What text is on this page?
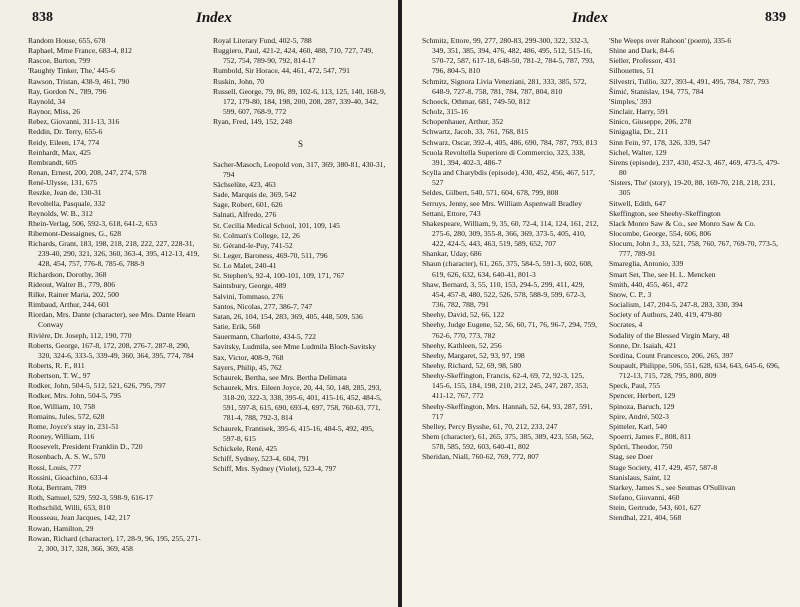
838	Index
Random House, 655, 678
Raphael, Mme France, 683-4, 812
Rascoe, Burton, 799
'Raughty Tinker, The,' 445-6
Rawson, Tristan, 438-9, 461, 790
Ray, Gordon N., 789, 796
Raynold, 34
Raynor, Miss, 26
Rebez, Giovanni, 311-13, 316
Reddin, Dr. Terry, 655-6
Reidy, Eileen, 174, 774
Reinhardt, Max, 425
Rembrandt, 605
Renan, Ernest, 200, 208, 247, 274, 578
René-Ulysse, 131, 675
Reszke, Jean de, 130-31
Revoltella, Pasquale, 332
Reynolds, W. B., 312
Rhein-Verlag, 506, 592-3, 618, 641-2, 653
Ribemont-Dessaignes, G., 628
Richards, Grant, 183, 198, 218, 218, 222, 227, 228-31, 239-40, 290, 321, 326, 360, 363-4, 395, 412-13, 419, 428, 454, 757, 776-8, 785-6, 788-9
Richardson, Dorothy, 368
Rideout, Walter B., 779, 806
Rilke, Rainer Maria, 202, 500
Rimbaud, Arthur, 244, 601
Riordan, Mrs. Dante (character), see Mrs. Dante Hearn Conway
Rivière, Dr. Joseph, 112, 190, 770
Roberts, George, 167-8, 172, 208, 276-7, 287-8, 290, 320, 324-6, 333-5, 339-49, 360, 364, 395, 774, 784
Roberts, R. F., 811
Robertson, T. W., 97
Rodker, John, 504-5, 512, 521, 626, 795, 797
Rodker, Mrs. John, 504-5, 795
Roe, William, 10, 758
Romains, Jules, 572, 628
Rome, Joyce's stay in, 231-51
Rooney, William, 116
Roosevelt, President Franklin D., 720
Rosenbach, A. S. W., 570
Rossi, Louis, 777
Rossini, Gioachino, 633-4
Rota, Bertram, 789
Roth, Samuel, 529, 592-3, 598-9, 616-17
Rothschild, Willi, 653, 810
Rousseau, Jean Jacques, 142, 217
Rowan, Hamilton, 29
Rowan, Richard (character), 17, 28-9, 96, 195, 255, 271-2, 300, 317, 328, 366, 369, 458
Royal Literary Fund, 402-5, 788
Ruggiero, Paul, 421-2, 424, 460, 488, 710, 727, 749, 752, 754, 789-90, 792, 814-17
Rumbold, Sir Horace, 44, 461, 472, 547, 791
Ruskin, John, 70
Russell, George, 79, 86, 89, 102-6, 113, 125, 140, 168-9, 172, 179-80, 184, 198, 200, 208, 287, 339-40, 342, 599, 607, 768-9, 772
Ryan, Fred, 149, 152, 248
S
Sacher-Masoch, Leopold von, 317, 369, 380-81, 430-31, 794
Sächselüte, 423, 463
Sade, Marquis de, 369, 542
Sage, Robert, 601, 626
Salnati, Alfredo, 276
St. Cecilia Medical School, 101, 109, 145
St. Colman's College, 12, 26
St. Gérand-le-Puy, 741-52
St. Leger, Baroness, 469-70, 511, 796
St. Lo Malet, 240-41
St. Stephen's, 92-4, 100-101, 109, 171, 767
Saintsbury, George, 489
Salvini, Tommaso, 276
Santos, Nicolas, 277, 386-7, 747
Satan, 26, 104, 154, 283, 369, 405, 448, 509, 536
Satie, Erik, 568
Sauermann, Charlotte, 434-5, 722
Savitsky, Ludmila, see Mme Ludmila Bloch-Savitsky
Sax, Victor, 408-9, 768
Sayers, Philip, 45, 762
Schaurek, Bertha, see Mrs. Bertha Delimata
Schaurek, Mrs. Eileen Joyce, 20, 44, 50, 148, 285, 293, 318-20, 322-3, 338, 395-6, 401, 415-16, 452, 484-5, 591, 597-8, 615, 690, 693-4, 697, 758, 760-63, 771, 781-4, 788, 792-3, 814
Schaurek, Frantisek, 395-6, 415-16, 484-5, 492, 495, 597-8, 615
Schickele, René, 425
Schiff, Sydney, 523-4, 604, 791
Schiff, Mrs. Sydney (Violet), 523-4, 797
Index	839
Schmitz, Ettore, 99, 277, 280-83, 299-300, 322, 332-3, 349, 351, 385, 394, 476, 482, 486, 495, 512, 515-16, 570-72, 587, 617-18, 648-50, 781-2, 784-5, 787, 793, 796, 804-5, 810
Schmitz, Signora Livia Veneziani, 281, 333, 385, 572, 648-9, 727-8, 758, 781, 784, 787, 804, 810
Schoeck, Othmar, 681, 749-50, 812
Scholz, 315-16
Schopenhauer, Arthur, 352
Schwartz, Jacob, 33, 761, 768, 815
Schwarz, Oscar, 392-4, 405, 486, 690, 784, 787, 793, 813
Scuola Revoltella Superiore di Commercio, 323, 338, 391, 394, 402-3, 486-7
Scylla and Charybdis (episode), 430, 452, 456, 467, 517, 527
Seldes, Gilbert, 540, 571, 604, 678, 799, 808
Serruys, Jenny, see Mrs. William Aspenwall Bradley
Settani, Ettore, 743
Shakespeare, William, 9, 35, 60, 72-4, 114, 124, 161, 212, 275-6, 280, 309, 355-8, 366, 369, 373-5, 405, 410, 422, 424-5, 443, 463, 519, 589, 652, 707
Shankar, Uday, 686
Shaun (character), 61, 265, 375, 584-5, 591-3, 602, 608, 619, 626, 632, 634, 640-41, 801-3
Shaw, Bernard, 3, 55, 110, 153, 294-5, 299, 411, 429, 454, 457-8, 480, 522, 526, 578, 588-9, 599, 672-3, 736, 782, 788, 791
Sheehy, David, 52, 66, 122
Sheehy, Judge Eugene, 52, 56, 60, 71, 76, 96-7, 294, 759, 762-6, 770, 773, 782
Sheehy, Kathleen, 52, 256
Sheehy, Margaret, 52, 93, 97, 198
Sheehy, Richard, 52, 69, 98, 580
Sheehy-Skeffington, Francis, 62-4, 69, 72, 92-3, 125, 145-6, 155, 184, 198, 210, 212, 245, 247, 287, 353, 411-12, 767, 772
Sheehy-Skeffington, Mrs. Hannah, 52, 64, 93, 287, 591, 717
Shelley, Percy Bysshe, 61, 70, 212, 233, 247
Shem (character), 61, 265, 375, 385, 389, 423, 558, 562, 578, 585, 592, 603, 640-41, 802
Sheridan, Niall, 760-62, 769, 772, 807
'She Weeps over Rahoon' (poem), 335-6
Shine and Dark, 84-6
Sieller, Professor, 431
Silhouettes, 51
Silvestri, Tullio, 327, 393-4, 491, 495, 784, 787, 793
Šimić, Stanislav, 194, 775, 784
'Simples,' 393
Sinclair, Harry, 591
Sinico, Giuseppe, 206, 278
Sinigaglia, Dr., 211
Sinn Fein, 97, 178, 326, 339, 547
Sichel, Walter, 129
Sirens (episode), 237, 430, 452-3, 467, 469, 473-5, 479-80
'Sisters, The' (story), 19-20, 88, 169-70, 218, 218, 231, 305
Sitwell, Edith, 647
Skeffington, see Sheehy-Skeffington
Slack Monro Saw & Co., see Monro Saw & Co.
Slocombe, George, 554, 606, 806
Slocum, John J., 33, 521, 758, 760, 767, 769-70, 773-5, 777, 789-91
Smareglia, Antonio, 339
Smart Set, The, see H. L. Mencken
Smith, 440, 455, 461, 472
Snow, C. P., 3
Socialism, 147, 204-5, 247-8, 283, 330, 394
Society of Authors, 240, 419, 479-80
Socrates, 4
Sodality of the Blessed Virgin Mary, 48
Sonne, Dr. Isaiah, 421
Sordina, Count Francesco, 206, 265, 397
Soupault, Philippe, 506, 551, 628, 634, 643, 645-6, 696, 712-13, 715, 728, 795, 800, 809
Speck, Paul, 755
Spencer, Herbert, 129
Spinoza, Baruch, 129
Spire, André, 502-3
Spitteler, Karl, 540
Spoerri, James F., 808, 811
Spörri, Theodor, 750
Stag, see Doer
Stage Society, 417, 429, 457, 587-8
Stanislaus, Saint, 12
Starkey, James S., see Seumas O'Sullivan
Stefano, Giovanni, 460
Stein, Gertrude, 543, 601, 627
Stendhal, 221, 404, 568
